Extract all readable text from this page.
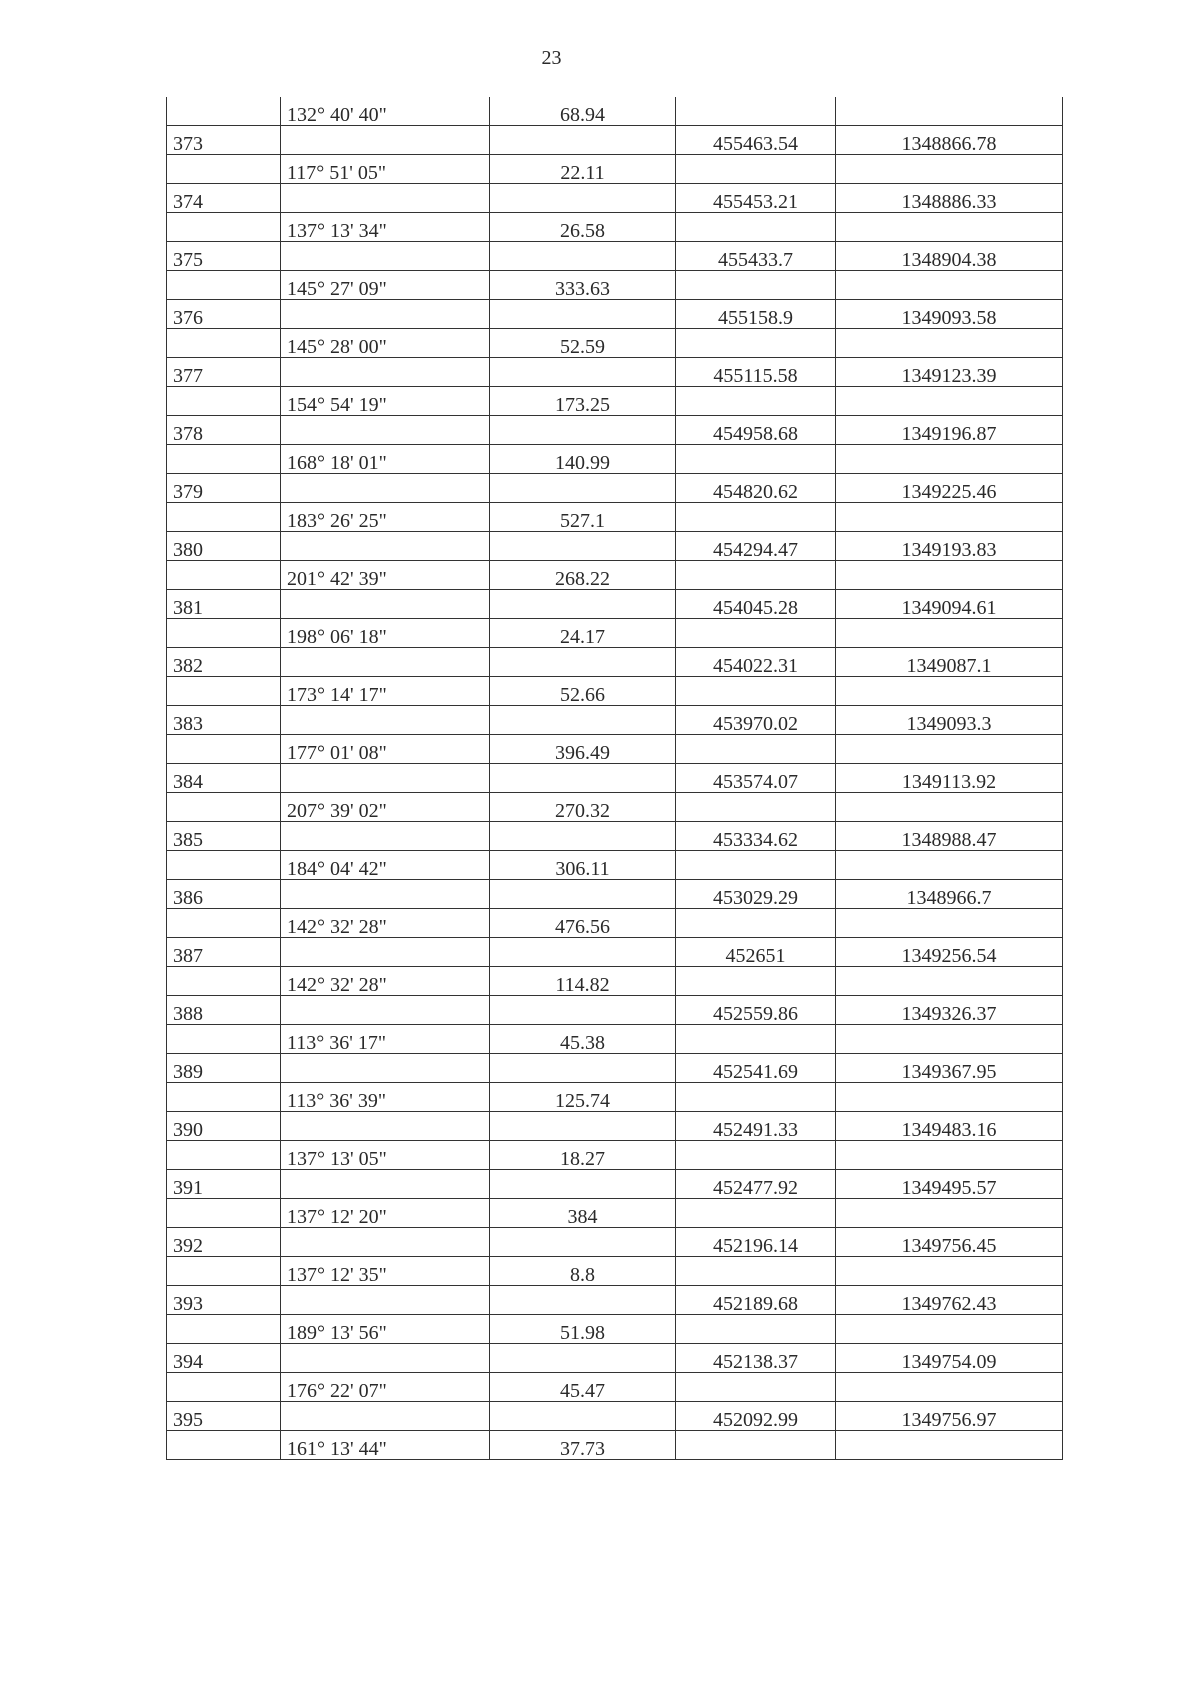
23
	132° 40' 40"	68.94		
373			455463.54	1348866.78
	117° 51' 05"	22.11		
374			455453.21	1348886.33
	137° 13' 34"	26.58		
375			455433.7	1348904.38
	145° 27' 09"	333.63		
376			455158.9	1349093.58
	145° 28' 00"	52.59		
377			455115.58	1349123.39
	154° 54' 19"	173.25		
378			454958.68	1349196.87
	168° 18' 01"	140.99		
379			454820.62	1349225.46
	183° 26' 25"	527.1		
380			454294.47	1349193.83
	201° 42' 39"	268.22		
381			454045.28	1349094.61
	198° 06' 18"	24.17		
382			454022.31	1349087.1
	173° 14' 17"	52.66		
383			453970.02	1349093.3
	177° 01' 08"	396.49		
384			453574.07	1349113.92
	207° 39' 02"	270.32		
385			453334.62	1348988.47
	184° 04' 42"	306.11		
386			453029.29	1348966.7
	142° 32' 28"	476.56		
387			452651	1349256.54
	142° 32' 28"	114.82		
388			452559.86	1349326.37
	113° 36' 17"	45.38		
389			452541.69	1349367.95
	113° 36' 39"	125.74		
390			452491.33	1349483.16
	137° 13' 05"	18.27		
391			452477.92	1349495.57
	137° 12' 20"	384		
392			452196.14	1349756.45
	137° 12' 35"	8.8		
393			452189.68	1349762.43
	189° 13' 56"	51.98		
394			452138.37	1349754.09
	176° 22' 07"	45.47		
395			452092.99	1349756.97
	161° 13' 44"	37.73		
